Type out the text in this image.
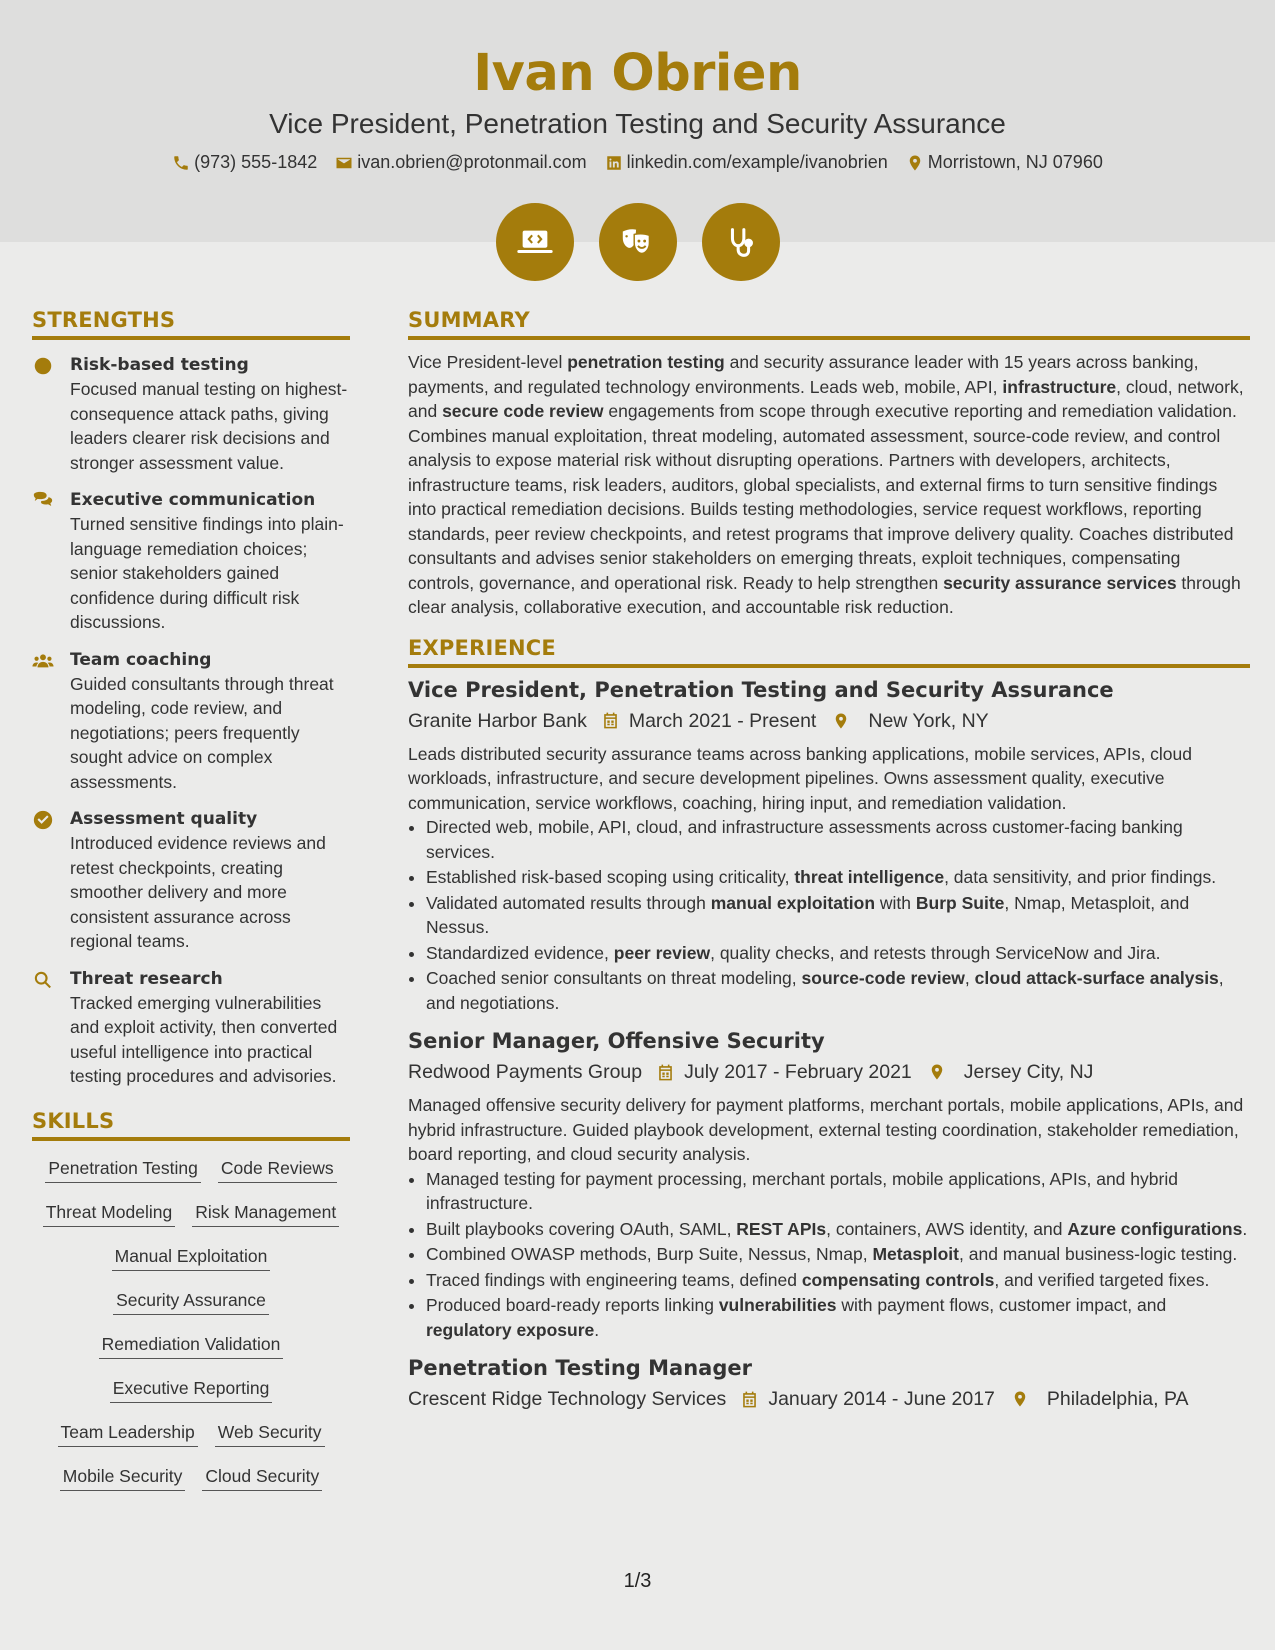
Ivan Obrien
Vice President, Penetration Testing and Security Assurance
(973) 555-1842 ivan.obrien@protonmail.com linkedin.com/example/ivanobrien Morristown, NJ 07960
STRENGTHS
Risk-based testing
Focused manual testing on highest-consequence attack paths, giving leaders clearer risk decisions and stronger assessment value.
Executive communication
Turned sensitive findings into plain-language remediation choices; senior stakeholders gained confidence during difficult risk discussions.
Team coaching
Guided consultants through threat modeling, code review, and negotiations; peers frequently sought advice on complex assessments.
Assessment quality
Introduced evidence reviews and retest checkpoints, creating smoother delivery and more consistent assurance across regional teams.
Threat research
Tracked emerging vulnerabilities and exploit activity, then converted useful intelligence into practical testing procedures and advisories.
SKILLS
Penetration Testing Code Reviews
Threat Modeling Risk Management
Manual Exploitation
Security Assurance
Remediation Validation
Executive Reporting
Team Leadership Web Security
Mobile Security Cloud Security
SUMMARY

Vice President-level penetration testing and security assurance leader with 15 years across banking, payments, and regulated technology environments. Leads web, mobile, API, infrastructure, cloud, network, and secure code review engagements from scope through executive reporting and remediation validation. Combines manual exploitation, threat modeling, automated assessment, source-code review, and control analysis to expose material risk without disrupting operations. Partners with developers, architects, infrastructure teams, risk leaders, auditors, global specialists, and external firms to turn sensitive findings into practical remediation decisions. Builds testing methodologies, service request workflows, reporting standards, peer review checkpoints, and retest programs that improve delivery quality. Coaches distributed consultants and advises senior stakeholders on emerging threats, exploit techniques, compensating controls, governance, and operational risk. Ready to help strengthen security assurance services through clear analysis, collaborative execution, and accountable risk reduction.

EXPERIENCE
Vice President, Penetration Testing and Security Assurance
Granite Harbor Bank March 2021 - Present	New York, NY
Leads distributed security assurance teams across banking applications, mobile services, APIs, cloud workloads, infrastructure, and secure development pipelines. Owns assessment quality, executive communication, service workflows, coaching, hiring input, and remediation validation.
• Directed web, mobile, API, cloud, and infrastructure assessments across customer-facing banking services.
• Established risk-based scoping using criticality, threat intelligence, data sensitivity, and prior findings.
• Validated automated results through manual exploitation with Burp Suite, Nmap, Metasploit, and Nessus.
• Standardized evidence, peer review, quality checks, and retests through ServiceNow and Jira.
• Coached senior consultants on threat modeling, source-code review, cloud attack-surface analysis, and negotiations.
Senior Manager, Offensive Security
Redwood Payments Group July 2017 - February 2021	Jersey City, NJ
Managed offensive security delivery for payment platforms, merchant portals, mobile applications, APIs, and hybrid infrastructure. Guided playbook development, external testing coordination, stakeholder remediation, board reporting, and cloud security analysis.
• Managed testing for payment processing, merchant portals, mobile applications, APIs, and hybrid infrastructure.
• Built playbooks covering OAuth, SAML, REST APIs, containers, AWS identity, and Azure configurations.
• Combined OWASP methods, Burp Suite, Nessus, Nmap, Metasploit, and manual business-logic testing.
• Traced findings with engineering teams, defined compensating controls, and verified targeted fixes.
• Produced board-ready reports linking vulnerabilities with payment flows, customer impact, and regulatory exposure.
Penetration Testing Manager
Crescent Ridge Technology Services January 2014 - June 2017	Philadelphia, PA
1/3
